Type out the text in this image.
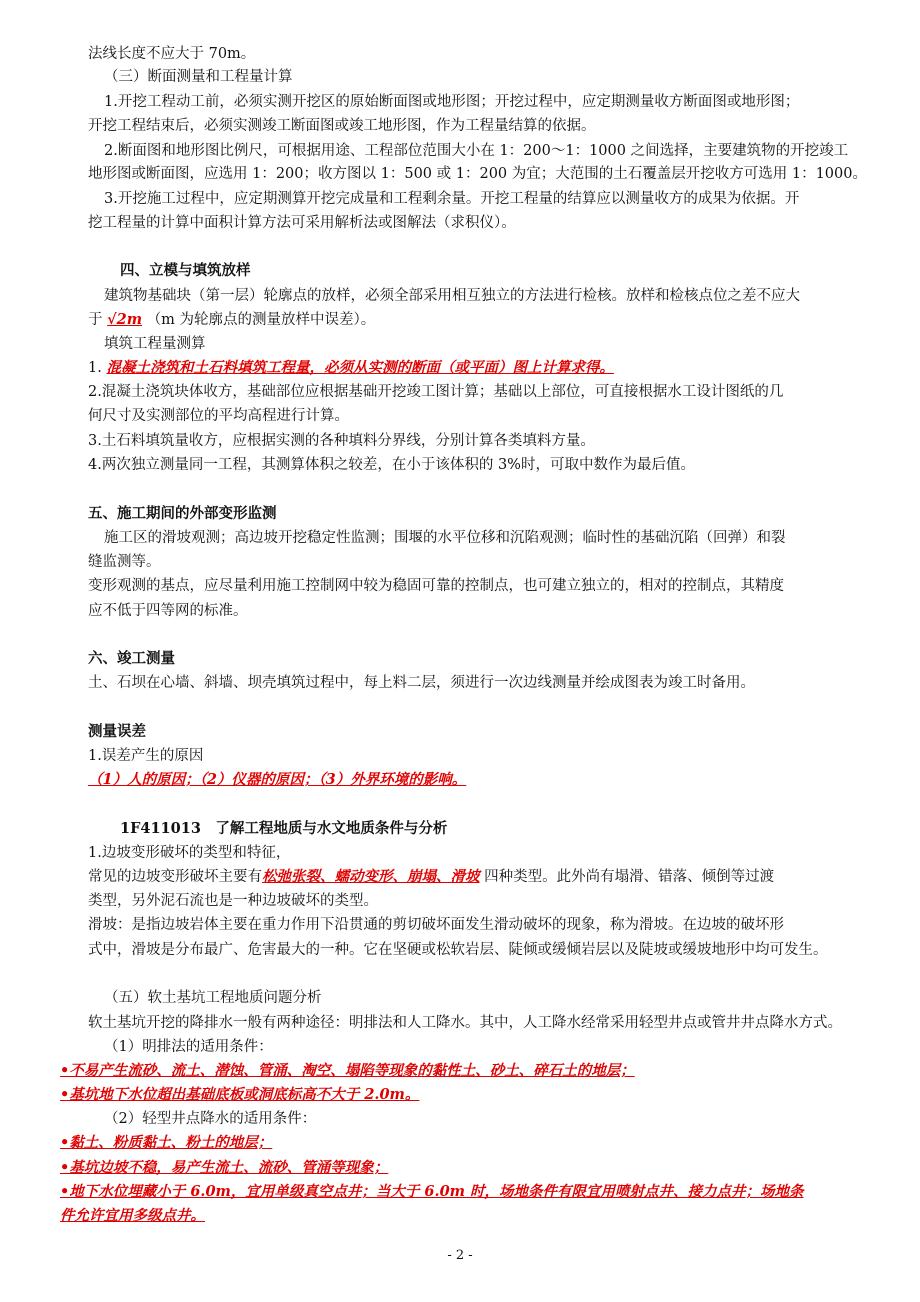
法线长度不应大于 70m。
（三）断面测量和工程量计算
1.开挖工程动工前，必须实测开挖区的原始断面图或地形图；开挖过程中，应定期测量收方断面图或地形图；
开挖工程结束后，必须实测竣工断面图或竣工地形图，作为工程量结算的依据。
2.断面图和地形图比例尺，可根据用途、工程部位范围大小在 1：200～1：1000 之间选择，主要建筑物的开挖竣工
地形图或断面图，应选用 1：200；收方图以 1：500 或 1：200 为宜；大范围的土石覆盖层开挖收方可选用 1：1000。
3.开挖施工过程中，应定期测算开挖完成量和工程剩余量。开挖工程量的结算应以测量收方的成果为依据。开
挖工程量的计算中面积计算方法可采用解析法或图解法（求积仪）。
四、立模与填筑放样
建筑物基础块（第一层）轮廓点的放样，必须全部采用相互独立的方法进行检核。放样和检核点位之差不应大
于 √2m （m 为轮廓点的测量放样中误差）。
填筑工程量测算
1. 混凝土浇筑和土石料填筑工程量，必须从实测的断面（或平面）图上计算求得。
2.混凝土浇筑块体收方，基础部位应根据基础开挖竣工图计算；基础以上部位，可直接根据水工设计图纸的几
何尺寸及实测部位的平均高程进行计算。
3.土石料填筑量收方，应根据实测的各种填料分界线，分别计算各类填料方量。
4.两次独立测量同一工程，其测算体积之较差，在小于该体积的 3%时，可取中数作为最后值。
五、施工期间的外部变形监测
施工区的滑坡观测；高边坡开挖稳定性监测；围堰的水平位移和沉陷观测；临时性的基础沉陷（回弹）和裂
缝监测等。
变形观测的基点，应尽量利用施工控制网中较为稳固可靠的控制点，也可建立独立的，相对的控制点，其精度
应不低于四等网的标准。
六、竣工测量
土、石坝在心墙、斜墙、坝壳填筑过程中，每上料二层，须进行一次边线测量并绘成图表为竣工时备用。
测量误差
1.误差产生的原因
（1）人的原因；（2）仪器的原因；（3）外界环境的影响。
1F411013　了解工程地质与水文地质条件与分析
1.边坡变形破坏的类型和特征，
常见的边坡变形破坏主要有松弛张裂、蠕动变形、崩塌、滑坡 四种类型。此外尚有塌滑、错落、倾倒等过渡
类型，另外泥石流也是一种边坡破坏的类型。
滑坡：是指边坡岩体主要在重力作用下沿贯通的剪切破坏面发生滑动破坏的现象，称为滑坡。在边坡的破坏形
式中，滑坡是分布最广、危害最大的一种。它在坚硬或松软岩层、陡倾或缓倾岩层以及陡坡或缓坡地形中均可发生。
（五）软土基坑工程地质问题分析
软土基坑开挖的降排水一般有两种途径：明排法和人工降水。其中，人工降水经常采用轻型井点或管井井点降水方式。
（1）明排法的适用条件：
•不易产生流砂、流土、潜蚀、管涌、淘空、塌陷等现象的黏性土、砂土、碎石土的地层；
•基坑地下水位超出基础底板或洞底标高不大于 2.0m。
（2）轻型井点降水的适用条件：
•黏土、粉质黏土、粉土的地层；
•基坑边坡不稳，易产生流土、流砂、管涌等现象；
•地下水位埋藏小于 6.0m，宜用单级真空点井；当大于 6.0m 时，场地条件有限宜用喷射点井、接力点井；场地条
件允许宜用多级点井。
- 2 -
